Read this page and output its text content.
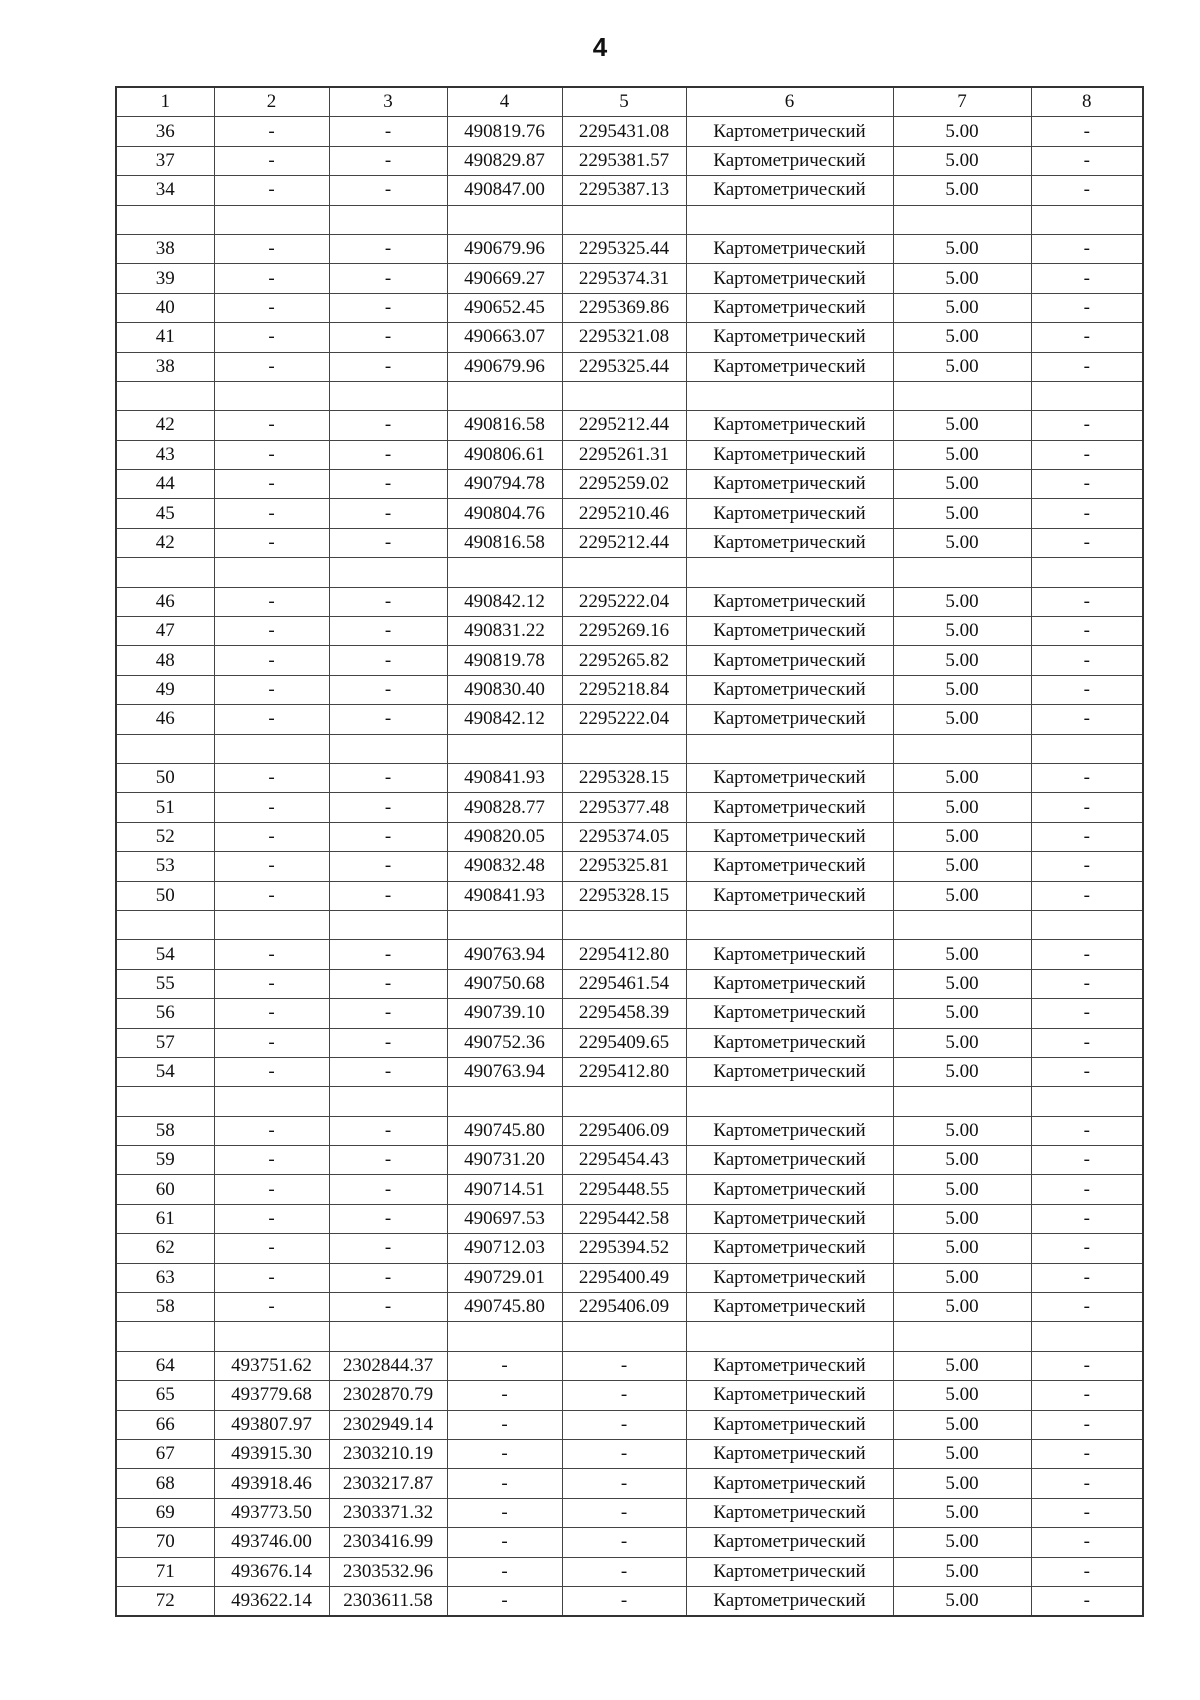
4
1	2	3	4	5	6	7	8
36	-	-	490819.76	2295431.08	Картометрический	5.00	-
37	-	-	490829.87	2295381.57	Картометрический	5.00	-
34	-	-	490847.00	2295387.13	Картометрический	5.00	-

38	-	-	490679.96	2295325.44	Картометрический	5.00	-
39	-	-	490669.27	2295374.31	Картометрический	5.00	-
40	-	-	490652.45	2295369.86	Картометрический	5.00	-
41	-	-	490663.07	2295321.08	Картометрический	5.00	-
38	-	-	490679.96	2295325.44	Картометрический	5.00	-

42	-	-	490816.58	2295212.44	Картометрический	5.00	-
43	-	-	490806.61	2295261.31	Картометрический	5.00	-
44	-	-	490794.78	2295259.02	Картометрический	5.00	-
45	-	-	490804.76	2295210.46	Картометрический	5.00	-
42	-	-	490816.58	2295212.44	Картометрический	5.00	-

46	-	-	490842.12	2295222.04	Картометрический	5.00	-
47	-	-	490831.22	2295269.16	Картометрический	5.00	-
48	-	-	490819.78	2295265.82	Картометрический	5.00	-
49	-	-	490830.40	2295218.84	Картометрический	5.00	-
46	-	-	490842.12	2295222.04	Картометрический	5.00	-

50	-	-	490841.93	2295328.15	Картометрический	5.00	-
51	-	-	490828.77	2295377.48	Картометрический	5.00	-
52	-	-	490820.05	2295374.05	Картометрический	5.00	-
53	-	-	490832.48	2295325.81	Картометрический	5.00	-
50	-	-	490841.93	2295328.15	Картометрический	5.00	-

54	-	-	490763.94	2295412.80	Картометрический	5.00	-
55	-	-	490750.68	2295461.54	Картометрический	5.00	-
56	-	-	490739.10	2295458.39	Картометрический	5.00	-
57	-	-	490752.36	2295409.65	Картометрический	5.00	-
54	-	-	490763.94	2295412.80	Картометрический	5.00	-

58	-	-	490745.80	2295406.09	Картометрический	5.00	-
59	-	-	490731.20	2295454.43	Картометрический	5.00	-
60	-	-	490714.51	2295448.55	Картометрический	5.00	-
61	-	-	490697.53	2295442.58	Картометрический	5.00	-
62	-	-	490712.03	2295394.52	Картометрический	5.00	-
63	-	-	490729.01	2295400.49	Картометрический	5.00	-
58	-	-	490745.80	2295406.09	Картометрический	5.00	-

64	493751.62	2302844.37	-	-	Картометрический	5.00	-
65	493779.68	2302870.79	-	-	Картометрический	5.00	-
66	493807.97	2302949.14	-	-	Картометрический	5.00	-
67	493915.30	2303210.19	-	-	Картометрический	5.00	-
68	493918.46	2303217.87	-	-	Картометрический	5.00	-
69	493773.50	2303371.32	-	-	Картометрический	5.00	-
70	493746.00	2303416.99	-	-	Картометрический	5.00	-
71	493676.14	2303532.96	-	-	Картометрический	5.00	-
72	493622.14	2303611.58	-	-	Картометрический	5.00	-
